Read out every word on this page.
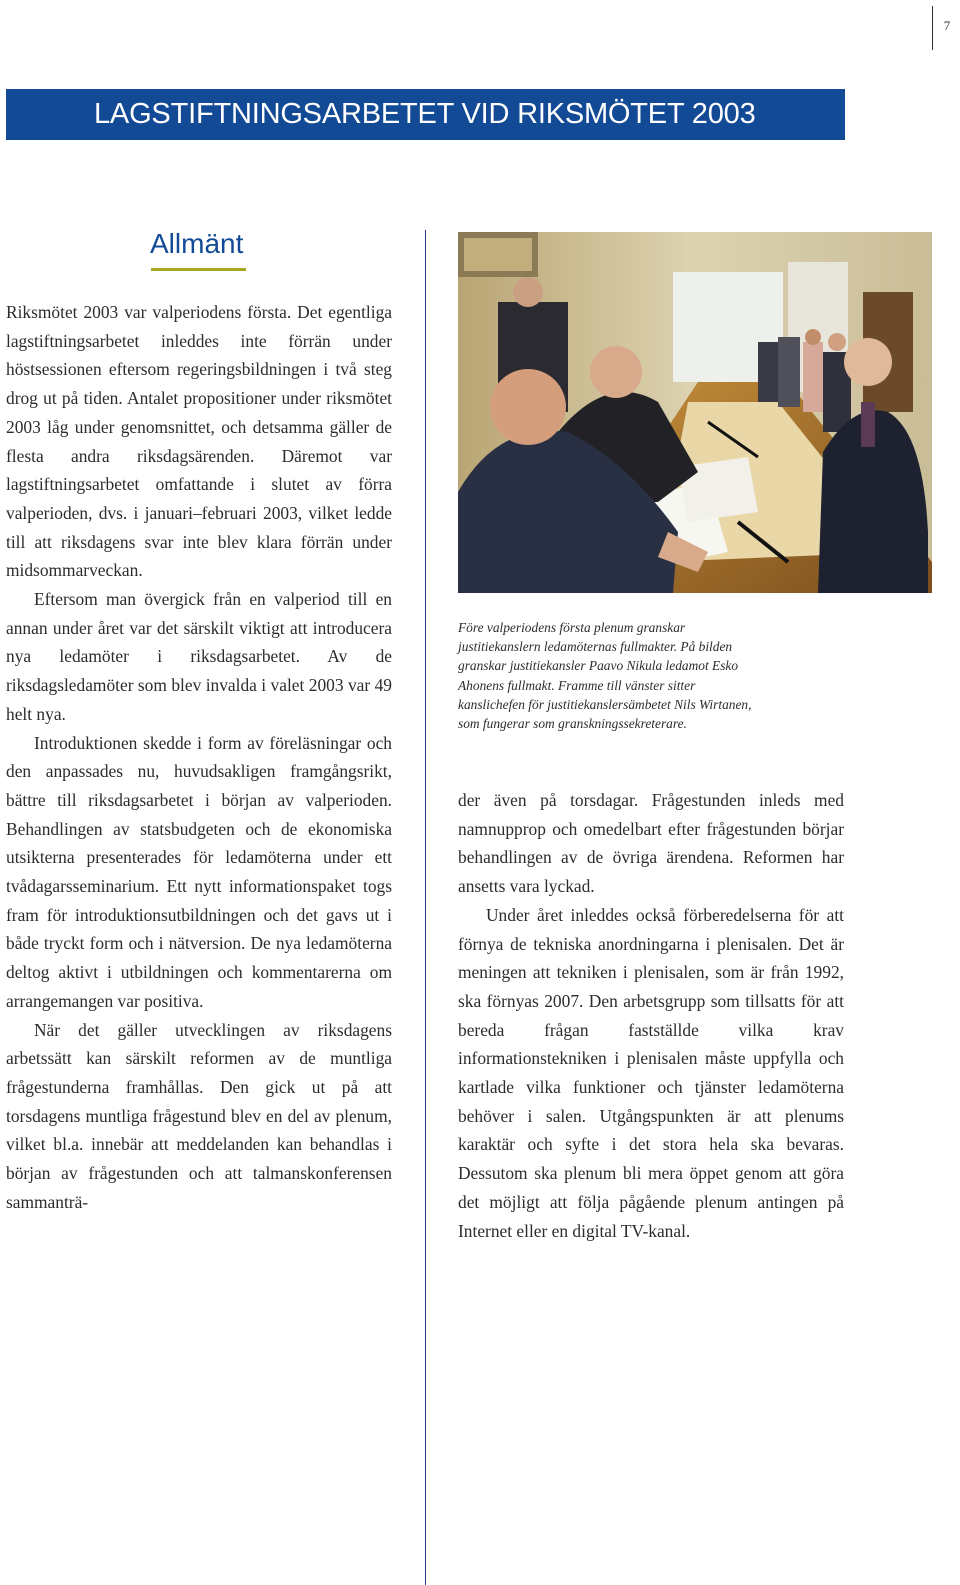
7
LAGSTIFTNINGSARBETET VID RIKSMÖTET 2003
Allmänt

Riksmötet 2003 var valperiodens första. Det egentliga lagstiftningsarbetet inleddes inte förrän under höstsessionen eftersom regeringsbildningen i två steg drog ut på tiden. Antalet propositioner under riksmötet 2003 låg under genomsnittet, och detsamma gäller de flesta andra riksdagsärenden. Däremot var lagstiftningsarbetet omfattande i slutet av förra valperioden, dvs. i januari–februari 2003, vilket ledde till att riksdagens svar inte blev klara förrän under midsommarveckan.

Eftersom man övergick från en valperiod till en annan under året var det särskilt viktigt att introducera nya ledamöter i riksdagsarbetet. Av de riksdagsledamöter som blev invalda i valet 2003 var 49 helt nya.

Introduktionen skedde i form av föreläsningar och den anpassades nu, huvudsakligen framgångsrikt, bättre till riksdagsarbetet i början av valperioden. Behandlingen av statsbudgeten och de ekonomiska utsikterna presenterades för ledamöterna under ett tvådagarsseminarium. Ett nytt informationspaket togs fram för introduktionsutbildningen och det gavs ut i både tryckt form och i nätversion. De nya ledamöterna deltog aktivt i utbildningen och kommentarerna om arrangemangen var positiva.

När det gäller utvecklingen av riksdagens arbetssätt kan särskilt reformen av de muntliga frågestunderna framhållas. Den gick ut på att torsdagens muntliga frågestund blev en del av plenum, vilket bl.a. innebär att meddelanden kan behandlas i början av frågestunden och att talmanskonferensen sammanträ-

Före valperiodens första plenum granskar
justitiekanslern ledamöternas fullmakter. På bilden
granskar justitiekansler Paavo Nikula ledamot Esko
Ahonens fullmakt. Framme till vänster sitter
kanslichefen för justitiekanslersämbetet Nils Wirtanen,
som fungerar som granskningssekreterare.

der även på torsdagar. Frågestunden inleds med namnupprop och omedelbart efter frågestunden börjar behandlingen av de övriga ärendena. Reformen har ansetts vara lyckad.

Under året inleddes också förberedelserna för att förnya de tekniska anordningarna i plenisalen. Det är meningen att tekniken i plenisalen, som är från 1992, ska förnyas 2007. Den arbetsgrupp som tillsatts för att bereda frågan fastställde vilka krav informationstekniken i plenisalen måste uppfylla och kartlade vilka funktioner och tjänster ledamöterna behöver i salen. Utgångspunkten är att plenums karaktär och syfte i det stora hela ska bevaras. Dessutom ska plenum bli mera öppet genom att göra det möjligt att följa pågående plenum antingen på Internet eller en digital TV-kanal.
